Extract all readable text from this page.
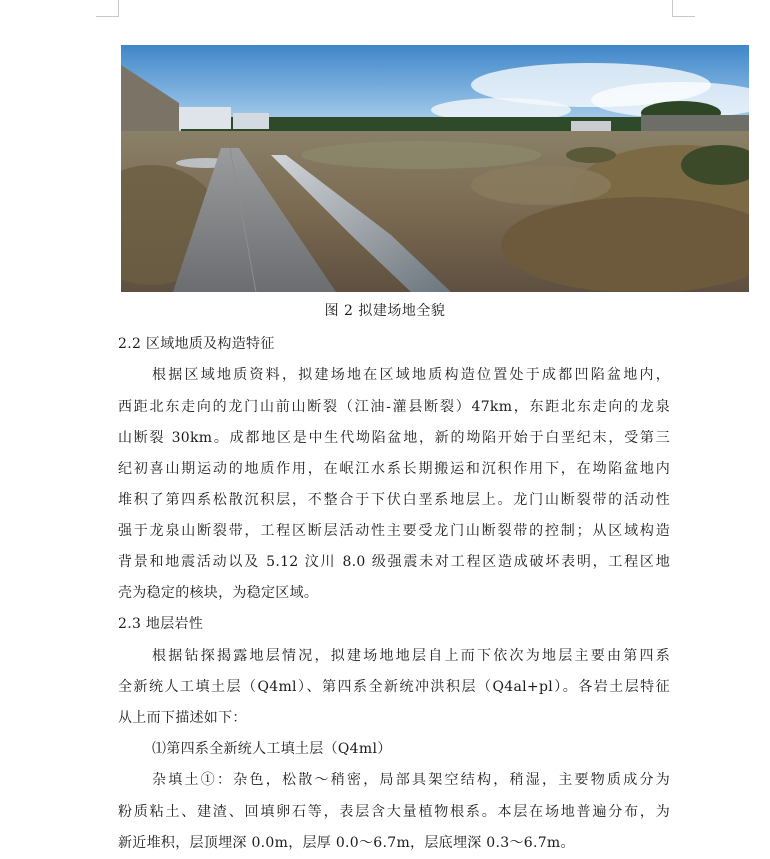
图 2 拟建场地全貌
2.2 区域地质及构造特征
根据区域地质资料，拟建场地在区域地质构造位置处于成都凹陷盆地内，
西距北东走向的龙门山前山断裂（江油-灌县断裂）47km，东距北东走向的龙泉
山断裂 30km。成都地区是中生代坳陷盆地，新的坳陷开始于白垩纪末，受第三
纪初喜山期运动的地质作用，在岷江水系长期搬运和沉积作用下，在坳陷盆地内
堆积了第四系松散沉积层，不整合于下伏白垩系地层上。龙门山断裂带的活动性
强于龙泉山断裂带，工程区断层活动性主要受龙门山断裂带的控制；从区域构造
背景和地震活动以及 5.12 汶川 8.0 级强震未对工程区造成破坏表明，工程区地
壳为稳定的核块，为稳定区域。
2.3 地层岩性
根据钻探揭露地层情况，拟建场地地层自上而下依次为地层主要由第四系
全新统人工填土层（Q4ml）、第四系全新统冲洪积层（Q4al+pl）。各岩土层特征
从上而下描述如下：
⑴第四系全新统人工填土层（Q4ml）
杂填土①：杂色，松散～稍密，局部具架空结构，稍湿，主要物质成分为
粉质粘土、建渣、回填卵石等，表层含大量植物根系。本层在场地普遍分布，为
新近堆积，层顶埋深 0.0m，层厚 0.0～6.7m，层底埋深 0.3～6.7m。
